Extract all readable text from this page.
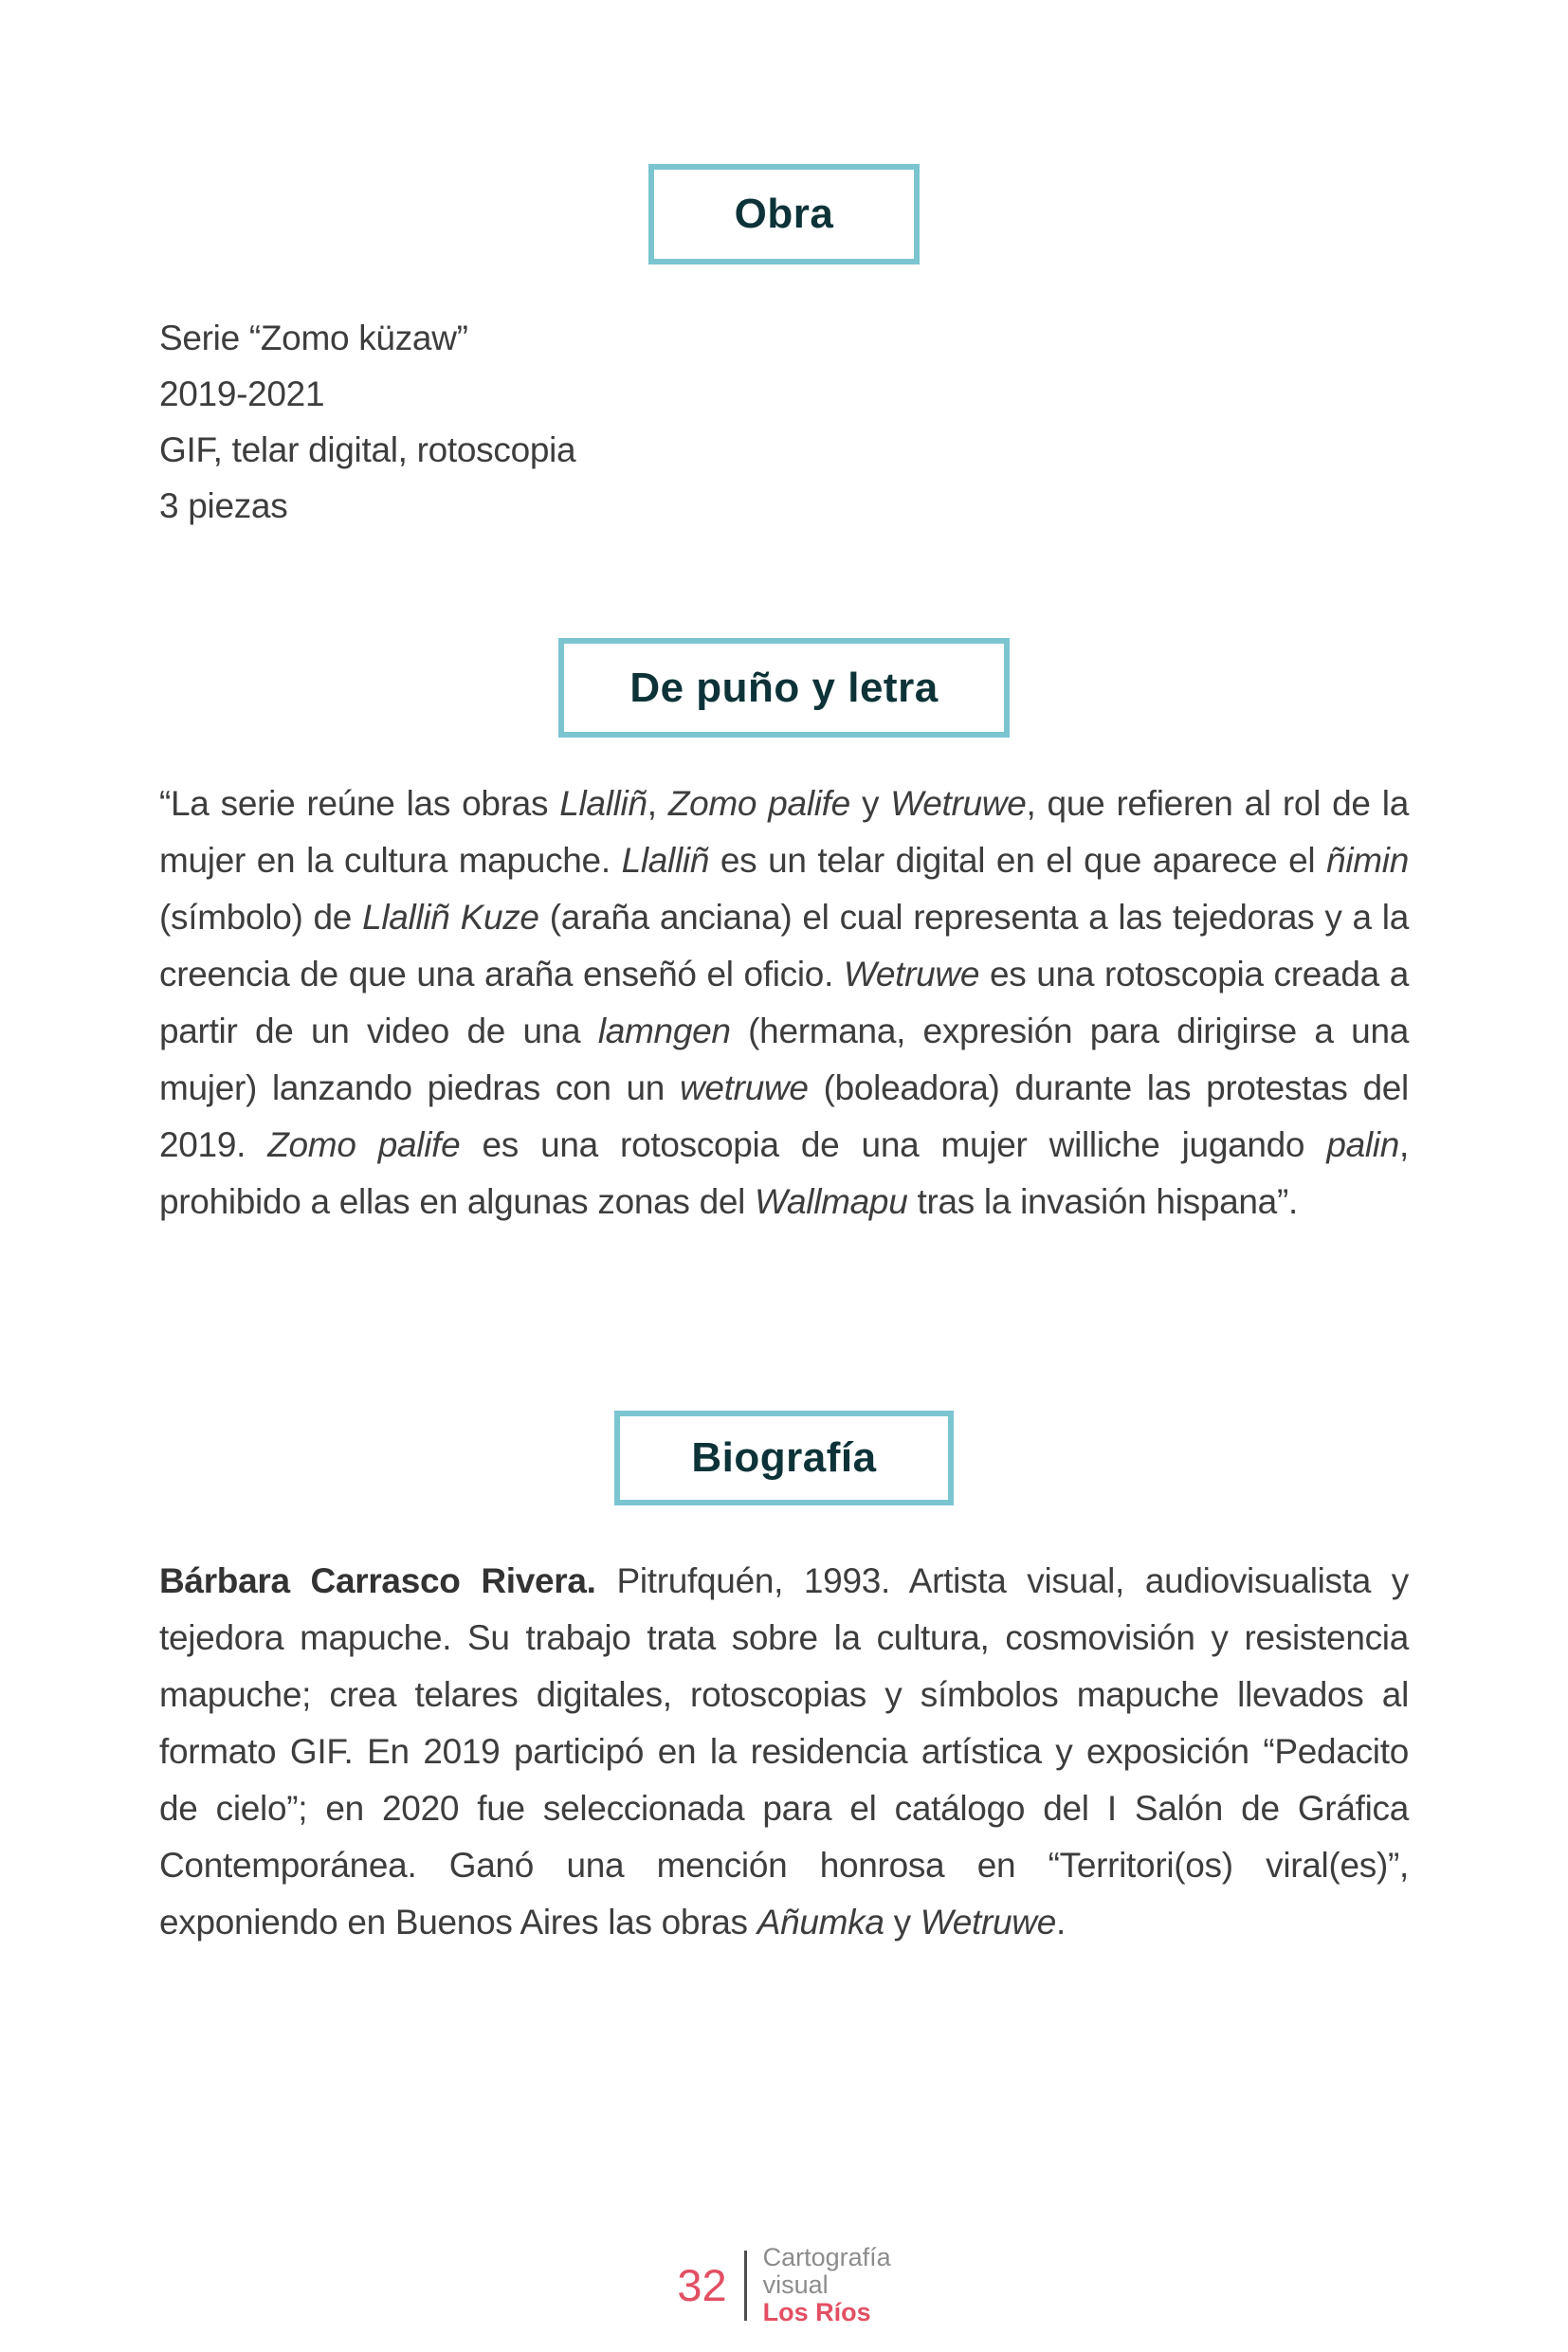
Obra
Serie “Zomo küzaw”
2019-2021
GIF, telar digital, rotoscopia
3 piezas
De puño y letra

“La serie reúne las obras Llalliñ, Zomo palife y Wetruwe, que refieren al rol de la mujer en la cultura mapuche. Llalliñ es un telar digital en el que aparece el ñimin (símbolo) de Llalliñ Kuze (araña anciana) el cual representa a las tejedoras y a la creencia de que una araña enseñó el oficio. Wetruwe es una rotoscopia creada a partir de un video de una lamngen (hermana, expresión para dirigirse a una mujer) lanzando piedras con un wetruwe (boleadora) durante las protestas del 2019. Zomo palife es una rotoscopia de una mujer williche jugando palin, prohibido a ellas en algunas zonas del Wallmapu tras la invasión hispana”.

Biografía

Bárbara Carrasco Rivera. Pitrufquén, 1993. Artista visual, audiovisualista y tejedora mapuche. Su trabajo trata sobre la cultura, cosmovisión y resistencia mapuche; crea telares digitales, rotoscopias y símbolos mapuche llevados al formato GIF. En 2019 participó en la residencia artística y exposición “Pedacito de cielo”; en 2020 fue seleccionada para el catálogo del I Salón de Gráfica Contemporánea. Ganó una mención honrosa en “Territori(os) viral(es)”, exponiendo en Buenos Aires las obras Añumka y Wetruwe.

32
Cartografía
visual
Los Ríos
